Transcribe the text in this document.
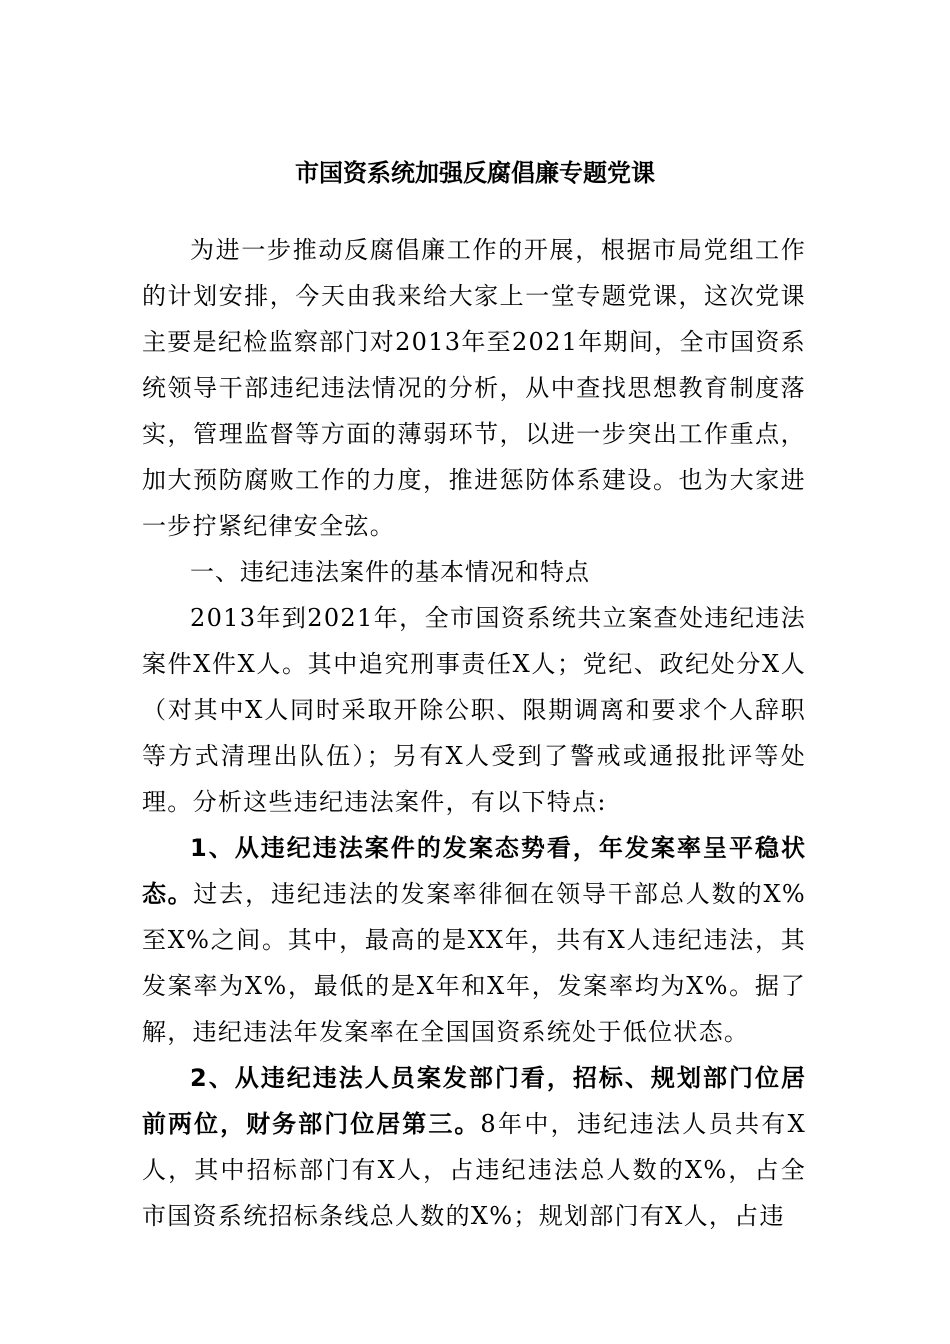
市国资系统加强反腐倡廉专题党课

为进一步推动反腐倡廉工作的开展，根据市局党组工作的计划安排，今天由我来给大家上一堂专题党课，这次党课主要是纪检监察部门对2013年至2021年期间，全市国资系统领导干部违纪违法情况的分析，从中查找思想教育制度落实，管理监督等方面的薄弱环节，以进一步突出工作重点，加大预防腐败工作的力度，推进惩防体系建设。也为大家进一步拧紧纪律安全弦。

一、违纪违法案件的基本情况和特点

2013年到2021年，全市国资系统共立案查处违纪违法案件X件X人。其中追究刑事责任X人；党纪、政纪处分X人（对其中X人同时采取开除公职、限期调离和要求个人辞职等方式清理出队伍）；另有X人受到了警戒或通报批评等处理。分析这些违纪违法案件，有以下特点:

1、从违纪违法案件的发案态势看，年发案率呈平稳状态。过去，违纪违法的发案率徘徊在领导干部总人数的X%至X%之间。其中，最高的是XX年，共有X人违纪违法，其发案率为X%，最低的是X年和X年，发案率均为X%。据了解，违纪违法年发案率在全国国资系统处于低位状态。

2、从违纪违法人员案发部门看，招标、规划部门位居前两位，财务部门位居第三。8年中，违纪违法人员共有X人，其中招标部门有X人，占违纪违法总人数的X%，占全市国资系统招标条线总人数的X%；规划部门有X人，占违
